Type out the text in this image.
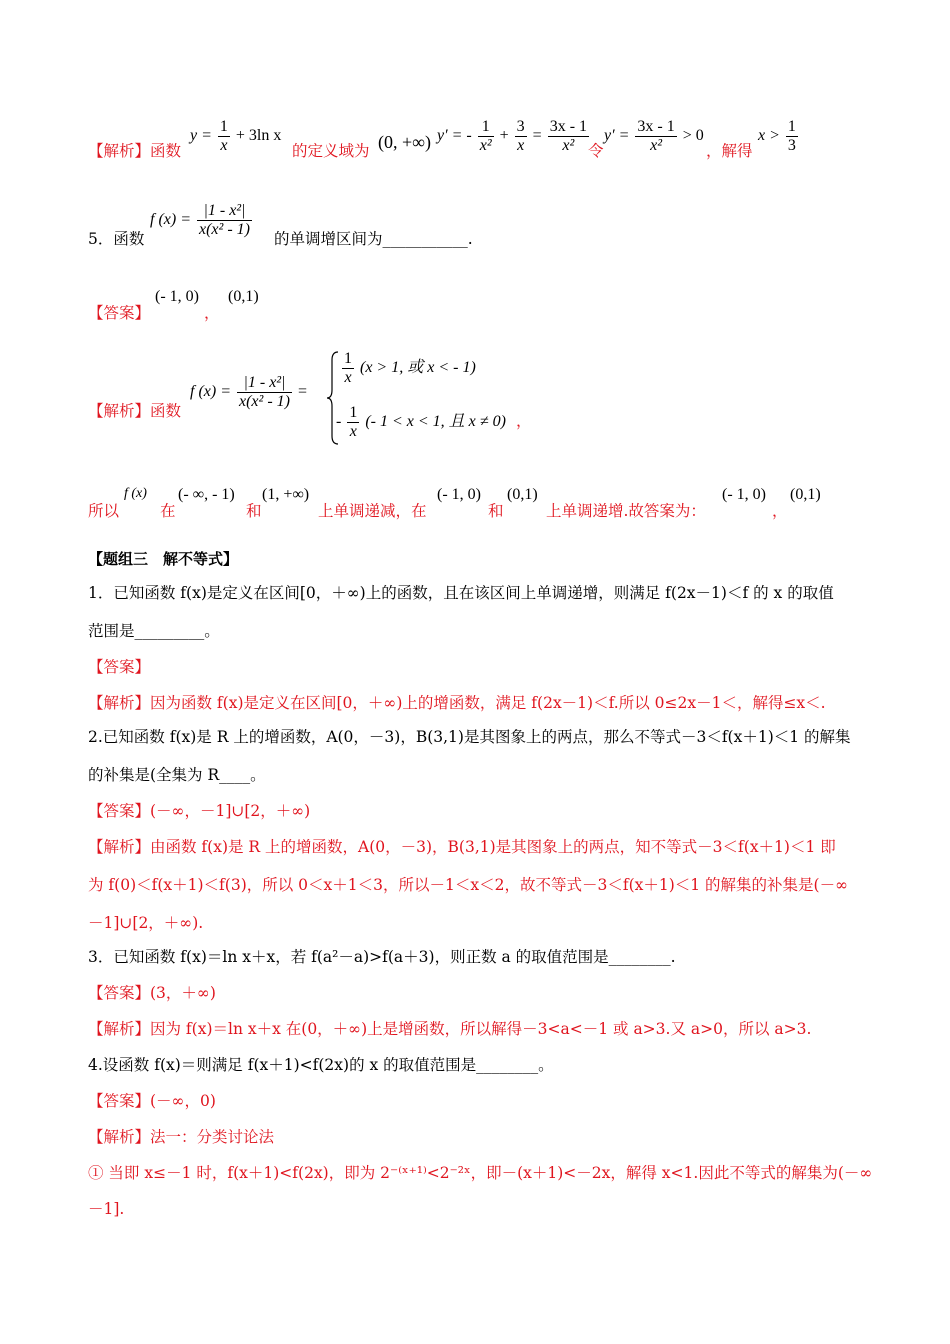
【解析】函数
$y = \frac{1}{x} + 3\ln$ x
的定义域为 (0, +∞) y′ = - $\frac{1}{\text{x²}} + \frac{3}{x} = \frac{3x - 1}{\text{x²}}$
令
$y' = \frac{3x - 1}{\text{x²}} > 0$
，解得
$x > \frac{1}{3}$
5．函数
f $(x) = \frac{\text{|1 - x²|}}{\text{x(x² - 1)}}$ 的单调增区间为___________.
【答案】
(- 1, 0)
，
(0,1)
【解析】函数
f $(x) = \frac{\text{|1 - x²|}}{\text{x(x² - 1)}}$ =
$\frac{1}{x} (x > 1$, 或 x < - 1)
- $\frac{1}{x}$ (- 1 < x < 1, 且 x ≠ 0) ，
所以
f (x)
在
(- ∞, - 1)
和
(1, +∞)
上单调递减，在
(- 1, 0)
和
(0,1)
上单调递增.故答案为：
(- 1, 0)
，
(0,1)
【题组三　解不等式】
1．已知函数 f(x)是定义在区间[0，＋∞)上的函数，且在该区间上单调递增，则满足 f(2x－1)＜f 的 x 的取值
范围是_________。
【答案】
【解析】因为函数 f(x)是定义在区间[0，＋∞)上的增函数，满足 f(2x－1)＜f.所以 0≤2x－1＜，解得≤x＜.
2.已知函数 f(x)是 R 上的增函数，A(0，－3)，B(3,1)是其图象上的两点，那么不等式－3＜f(x＋1)＜1 的解集
的补集是(全集为 R____。
【答案】(－∞，－1]∪[2，＋∞)
【解析】由函数 f(x)是 R 上的增函数，A(0，－3)，B(3,1)是其图象上的两点，知不等式－3＜f(x＋1)＜1 即
为 f(0)＜f(x＋1)＜f(3)，所以 0＜x＋1＜3，所以－1＜x＜2，故不等式－3＜f(x＋1)＜1 的解集的补集是(－∞
－1]∪[2，＋∞).
3．已知函数 f(x)＝ln x＋x，若 f(a²－a)>f(a＋3)，则正数 a 的取值范围是________.
【答案】(3，＋∞)
【解析】因为 f(x)＝ln x＋x 在(0，＋∞)上是增函数，所以解得－3<a<－1 或 a>3.又 a>0，所以 a>3.
4.设函数 f(x)＝则满足 f(x＋1)<f(2x)的 x 的取值范围是________。
【答案】(－∞，0)
【解析】法一：分类讨论法
① 当即 x≤－1 时，f(x＋1)<f(2x)，即为 2⁻⁽ˣ⁺¹⁾<2⁻²ˣ，即－(x＋1)<－2x，解得 x<1.因此不等式的解集为(－∞
－1].
